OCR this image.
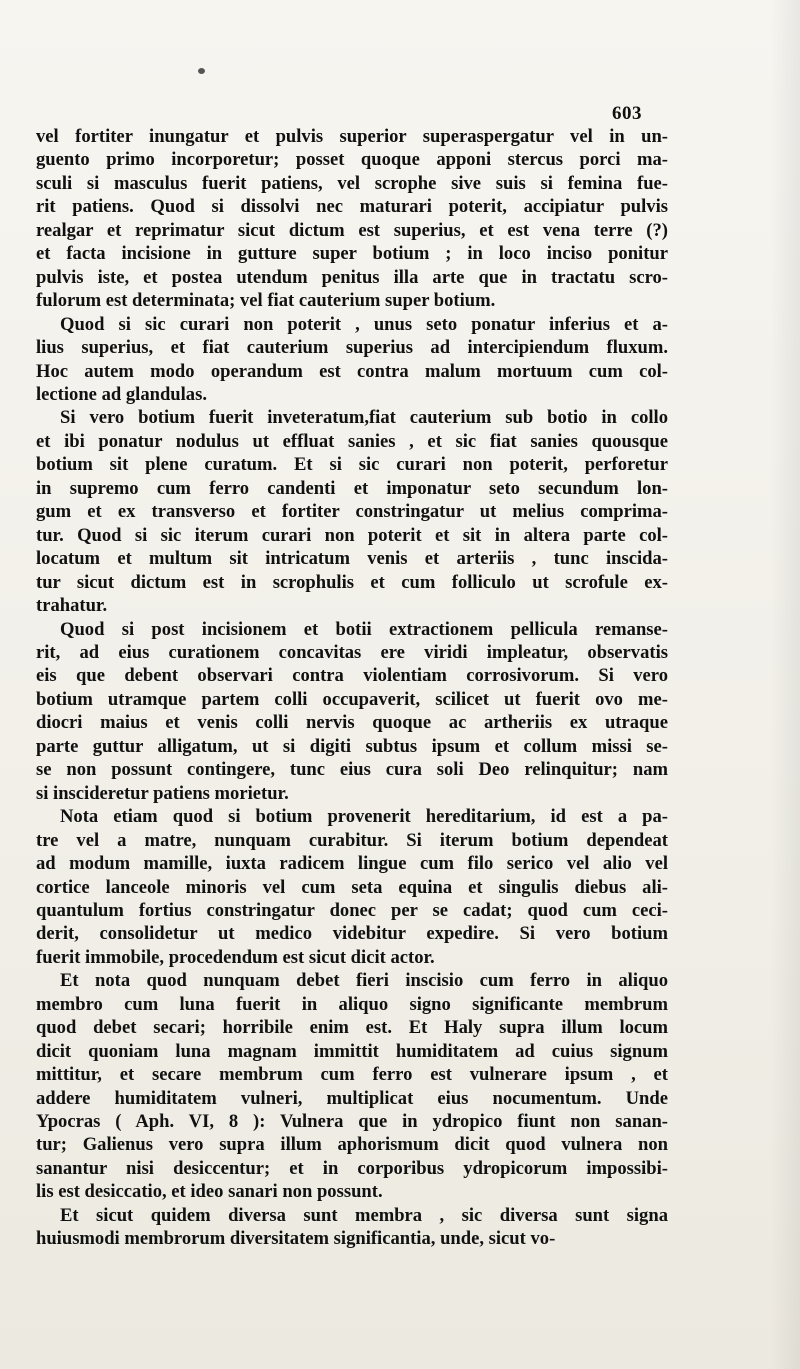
603
vel fortiter inungatur et pulvis superior superaspergatur vel in un-
guento primo incorporetur; posset quoque apponi stercus porci ma-
sculi si masculus fuerit patiens, vel scrophe sive suis si femina fue-
rit patiens. Quod si dissolvi nec maturari poterit, accipiatur pulvis
realgar et reprimatur sicut dictum est superius, et est vena terre (?)
et facta incisione in gutture super botium ; in loco inciso ponitur
pulvis iste, et postea utendum penitus illa arte que in tractatu scro-
fulorum est determinata; vel fiat cauterium super botium.
Quod si sic curari non poterit , unus seto ponatur inferius et a-
lius superius, et fiat cauterium superius ad intercipiendum fluxum.
Hoc autem modo operandum est contra malum mortuum cum col-
lectione ad glandulas.
Si vero botium fuerit inveteratum,fiat cauterium sub botio in collo
et ibi ponatur nodulus ut effluat sanies , et sic fiat sanies quousque
botium sit plene curatum. Et si sic curari non poterit, perforetur
in supremo cum ferro candenti et imponatur seto secundum lon-
gum et ex transverso et fortiter constringatur ut melius comprima-
tur. Quod si sic iterum curari non poterit et sit in altera parte col-
locatum et multum sit intricatum venis et arteriis , tunc inscida-
tur sicut dictum est in scrophulis et cum folliculo ut scrofule ex-
trahatur.
Quod si post incisionem et botii extractionem pellicula remanse-
rit, ad eius curationem concavitas ere viridi impleatur, observatis
eis que debent observari contra violentiam corrosivorum. Si vero
botium utramque partem colli occupaverit, scilicet ut fuerit ovo me-
diocri maius et venis colli nervis quoque ac artheriis ex utraque
parte guttur alligatum, ut si digiti subtus ipsum et collum missi se-
se non possunt contingere, tunc eius cura soli Deo relinquitur; nam
si inscideretur patiens morietur.
Nota etiam quod si botium provenerit hereditarium, id est a pa-
tre vel a matre, nunquam curabitur. Si iterum botium dependeat
ad modum mamille, iuxta radicem lingue cum filo serico vel alio vel
cortice lanceole minoris vel cum seta equina et singulis diebus ali-
quantulum fortius constringatur donec per se cadat; quod cum ceci-
derit, consolidetur ut medico videbitur expedire. Si vero botium
fuerit immobile, procedendum est sicut dicit actor.
Et nota quod nunquam debet fieri inscisio cum ferro in aliquo
membro cum luna fuerit in aliquo signo significante membrum
quod debet secari; horribile enim est. Et Haly supra illum locum
dicit quoniam luna magnam immittit humiditatem ad cuius signum
mittitur, et secare membrum cum ferro est vulnerare ipsum , et
addere humiditatem vulneri, multiplicat eius nocumentum. Unde
Ypocras ( Aph. VI, 8 ): Vulnera que in ydropico fiunt non sanan-
tur; Galienus vero supra illum aphorismum dicit quod vulnera non
sanantur nisi desiccentur; et in corporibus ydropicorum impossibi-
lis est desiccatio, et ideo sanari non possunt.
Et sicut quidem diversa sunt membra , sic diversa sunt signa
huiusmodi membrorum diversitatem significantia, unde, sicut vo-
